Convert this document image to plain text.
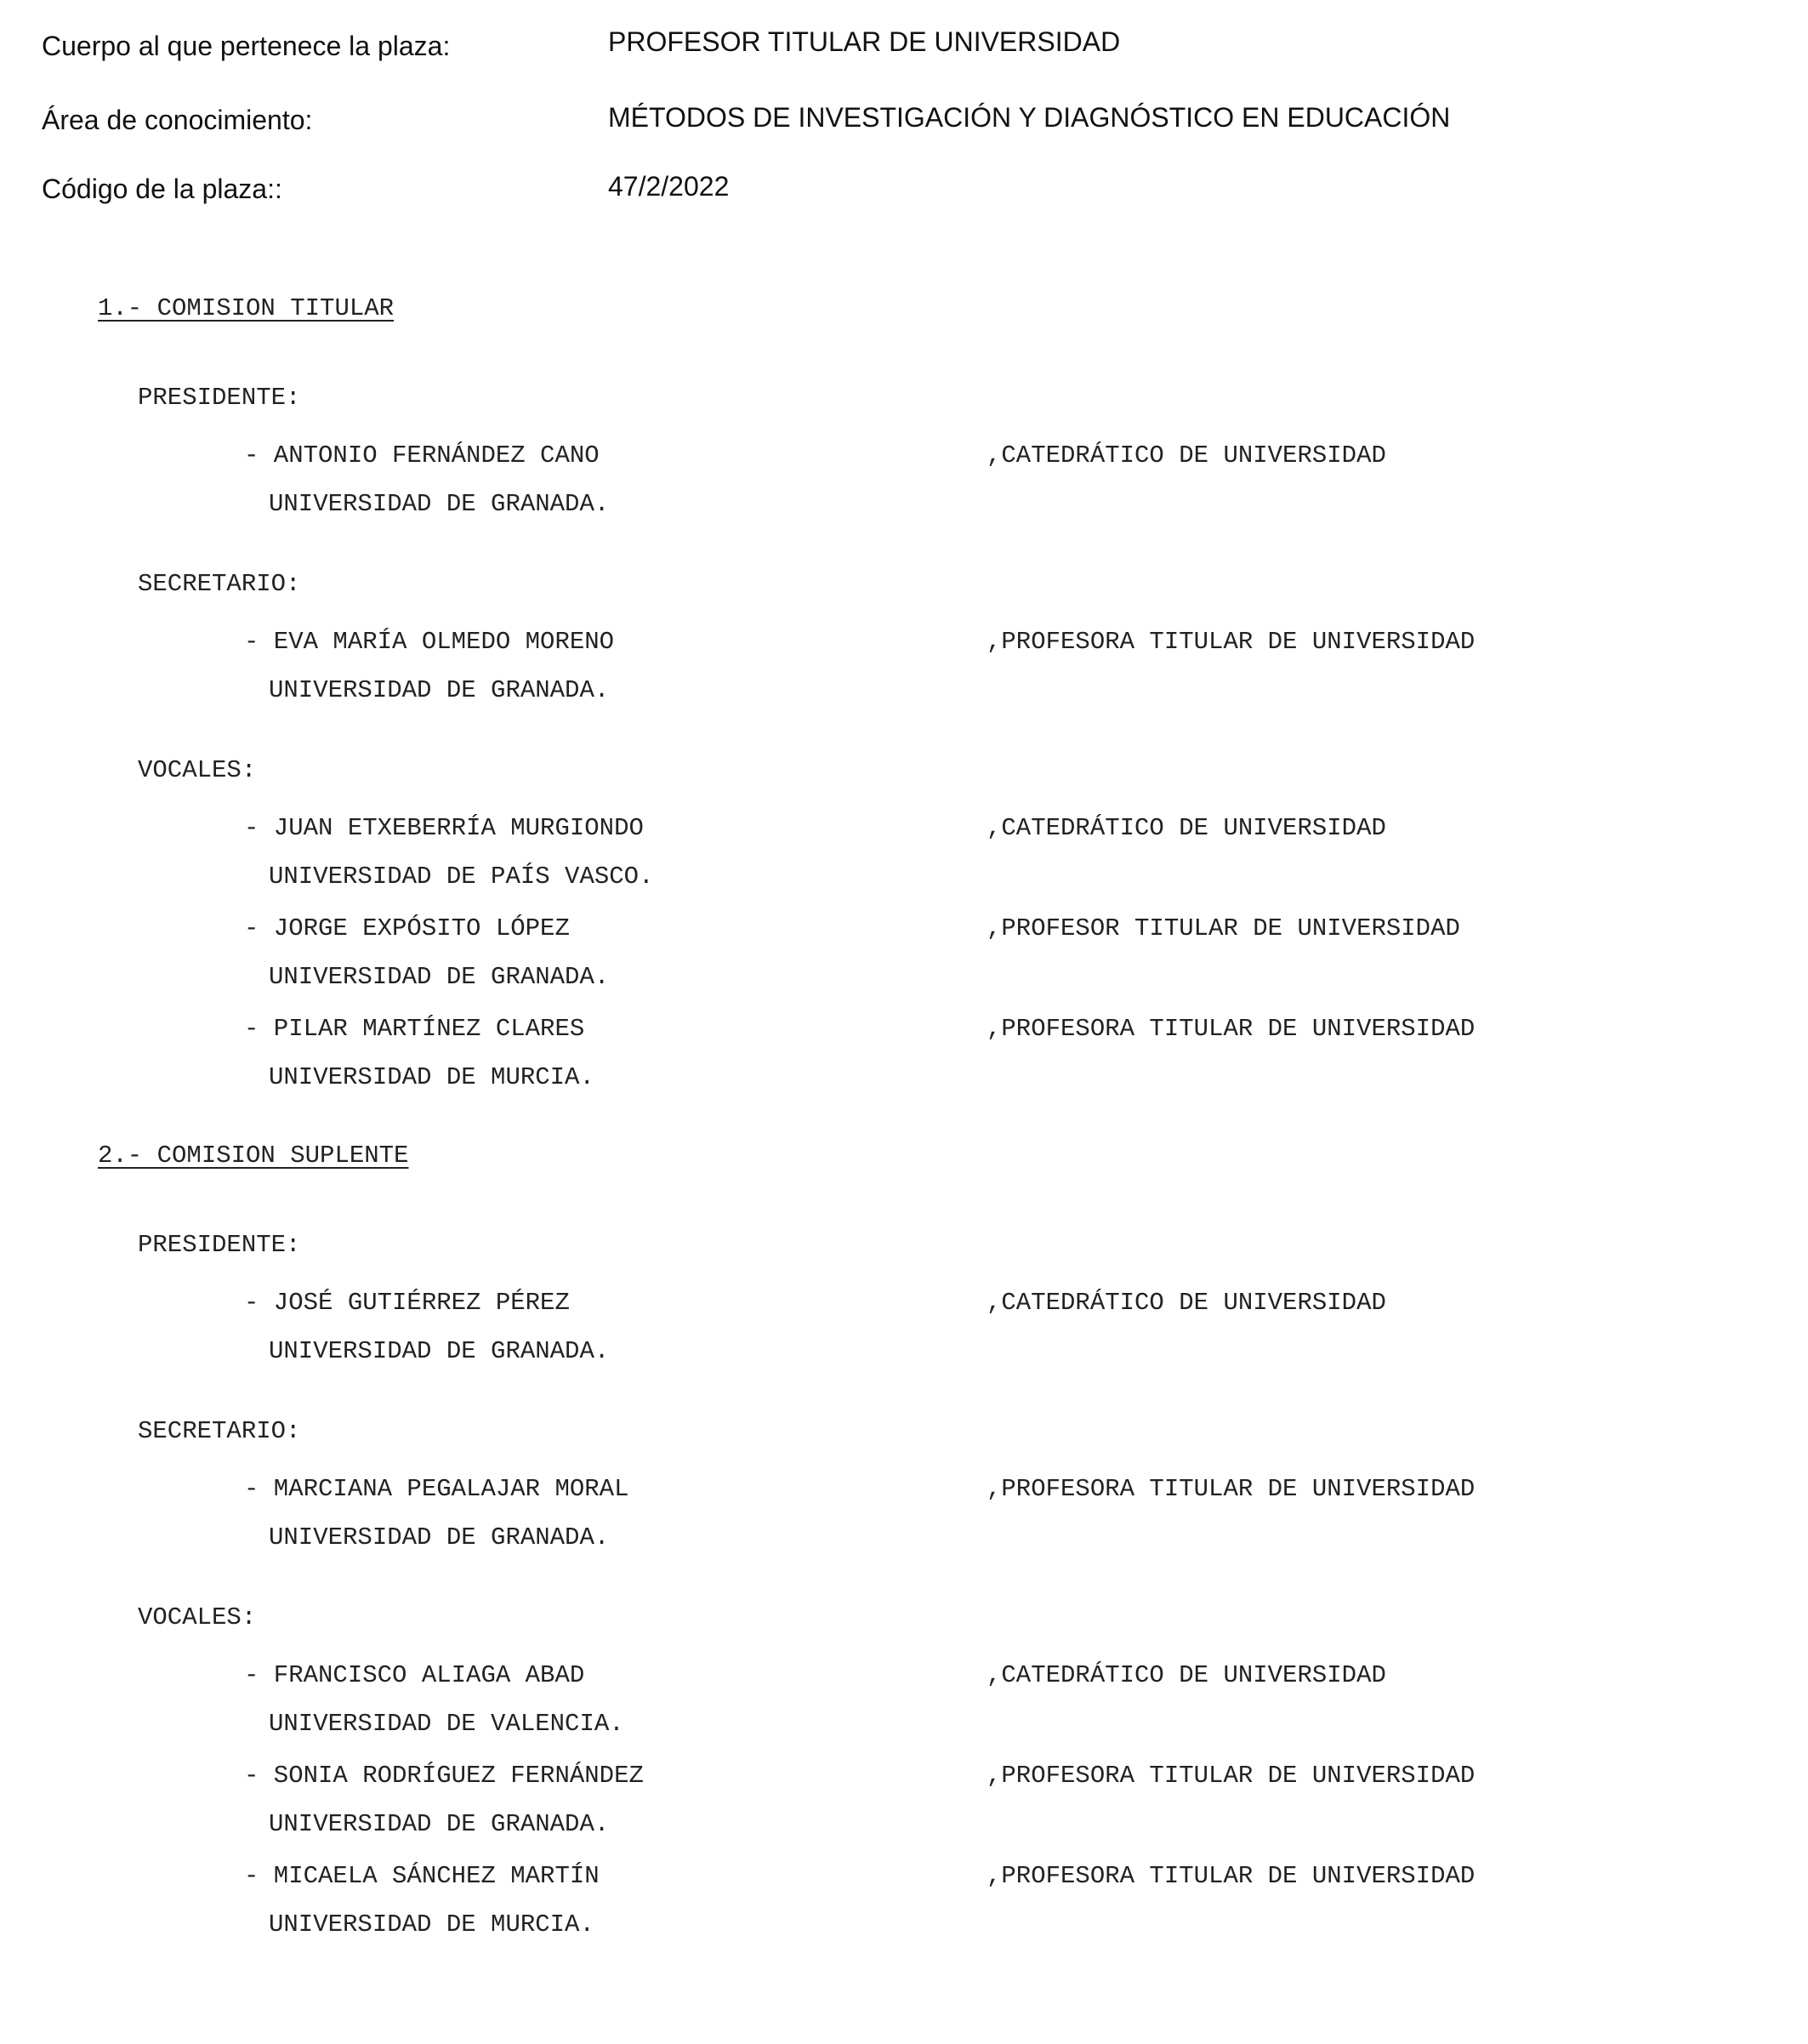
Cuerpo al que pertenece la plaza:	PROFESOR TITULAR DE UNIVERSIDAD
Área de conocimiento:	MÉTODOS DE INVESTIGACIÓN Y DIAGNÓSTICO EN EDUCACIÓN
Código de la plaza::	47/2/2022
1.- COMISION TITULAR
PRESIDENTE:
- ANTONIO FERNÁNDEZ CANO	,CATEDRÁTICO DE UNIVERSIDAD
UNIVERSIDAD DE GRANADA.
SECRETARIO:
- EVA MARÍA OLMEDO MORENO	,PROFESORA TITULAR DE UNIVERSIDAD
UNIVERSIDAD DE GRANADA.
VOCALES:
- JUAN ETXEBERRÍA MURGIONDO	,CATEDRÁTICO DE UNIVERSIDAD
UNIVERSIDAD DE PAÍS VASCO.
- JORGE EXPÓSITO LÓPEZ	,PROFESOR TITULAR DE UNIVERSIDAD
UNIVERSIDAD DE GRANADA.
- PILAR MARTÍNEZ CLARES	,PROFESORA TITULAR DE UNIVERSIDAD
UNIVERSIDAD DE MURCIA.
2.- COMISION SUPLENTE
PRESIDENTE:
- JOSÉ GUTIÉRREZ PÉREZ	,CATEDRÁTICO DE UNIVERSIDAD
UNIVERSIDAD DE GRANADA.
SECRETARIO:
- MARCIANA PEGALAJAR MORAL	,PROFESORA TITULAR DE UNIVERSIDAD
UNIVERSIDAD DE GRANADA.
VOCALES:
- FRANCISCO ALIAGA ABAD	,CATEDRÁTICO DE UNIVERSIDAD
UNIVERSIDAD DE VALENCIA.
- SONIA RODRÍGUEZ FERNÁNDEZ	,PROFESORA TITULAR DE UNIVERSIDAD
UNIVERSIDAD DE GRANADA.
- MICAELA SÁNCHEZ MARTÍN	,PROFESORA TITULAR DE UNIVERSIDAD
UNIVERSIDAD DE MURCIA.
